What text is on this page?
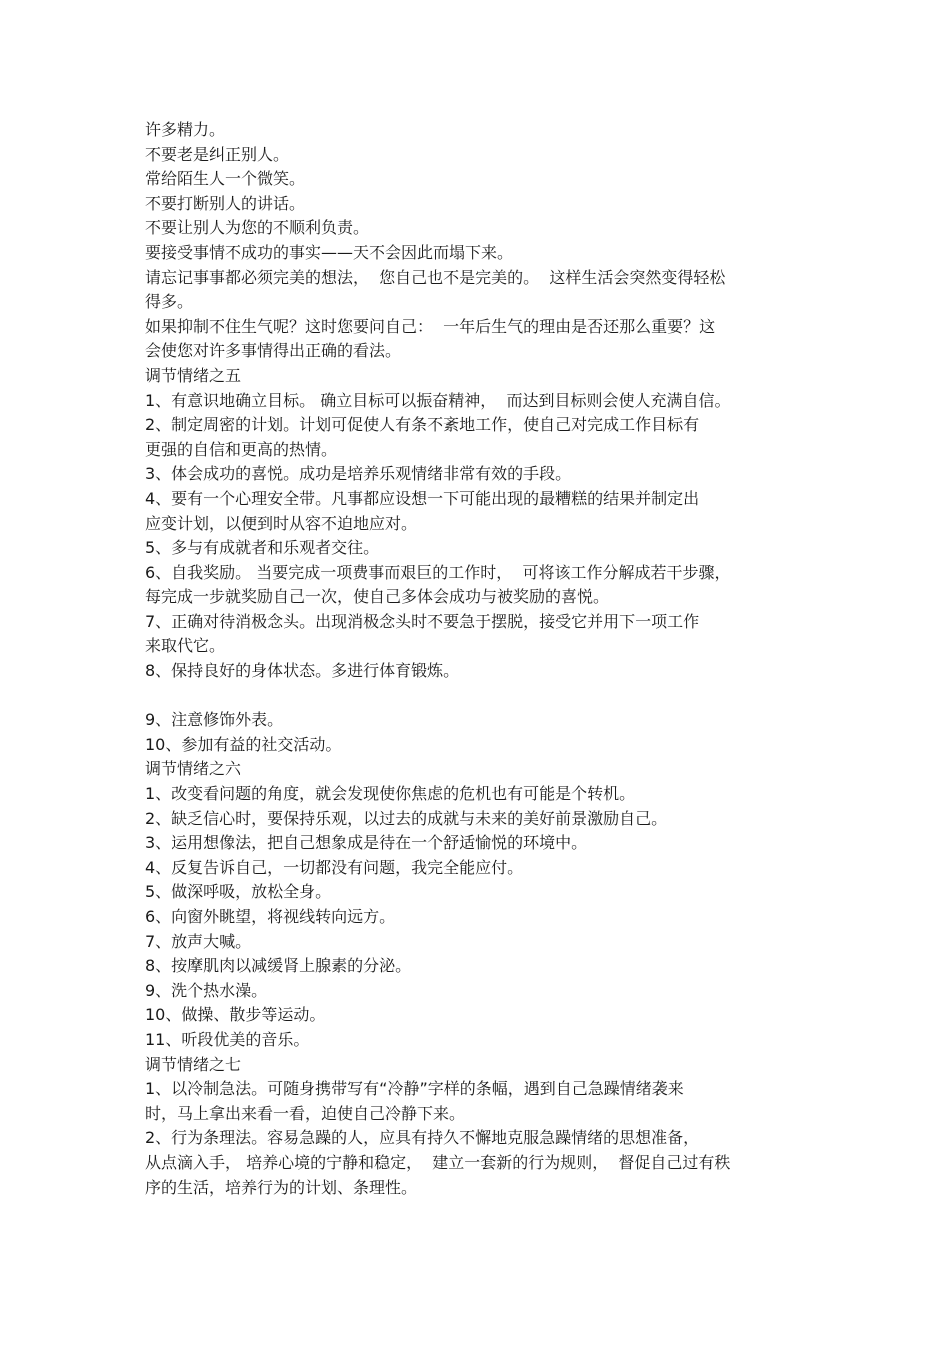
许多精力。
不要老是纠正别人。
常给陌生人一个微笑。
不要打断别人的讲话。
不要让别人为您的不顺利负责。
要接受事情不成功的事实——天不会因此而塌下来。
请忘记事事都必须完美的想法，  您自己也不是完美的。  这样生活会突然变得轻松
得多。
如果抑制不住生气呢？这时您要问自己：  一年后生气的理由是否还那么重要？这
会使您对许多事情得出正确的看法。
调节情绪之五
1、有意识地确立目标。 确立目标可以振奋精神，  而达到目标则会使人充满自信。
2、制定周密的计划。计划可促使人有条不紊地工作，使自己对完成工作目标有
更强的自信和更高的热情。
3、体会成功的喜悦。成功是培养乐观情绪非常有效的手段。
4、要有一个心理安全带。凡事都应设想一下可能出现的最糟糕的结果并制定出
应变计划，以便到时从容不迫地应对。
5、多与有成就者和乐观者交往。
6、自我奖励。 当要完成一项费事而艰巨的工作时，  可将该工作分解成若干步骤，
每完成一步就奖励自己一次，使自己多体会成功与被奖励的喜悦。
7、正确对待消极念头。出现消极念头时不要急于摆脱，接受它并用下一项工作
来取代它。
8、保持良好的身体状态。多进行体育锻炼。
9、注意修饰外表。
10、参加有益的社交活动。
调节情绪之六
1、改变看问题的角度，就会发现使你焦虑的危机也有可能是个转机。
2、缺乏信心时，要保持乐观，以过去的成就与未来的美好前景激励自己。
3、运用想像法，把自己想象成是待在一个舒适愉悦的环境中。
4、反复告诉自己，一切都没有问题，我完全能应付。
5、做深呼吸，放松全身。
6、向窗外眺望，将视线转向远方。
7、放声大喊。
8、按摩肌肉以减缓肾上腺素的分泌。
9、洗个热水澡。
10、做操、散步等运动。
11、听段优美的音乐。
调节情绪之七
1、以冷制急法。可随身携带写有“冷静”字样的条幅，遇到自己急躁情绪袭来
时，马上拿出来看一看，迫使自己冷静下来。
2、行为条理法。容易急躁的人，应具有持久不懈地克服急躁情绪的思想准备，
从点滴入手， 培养心境的宁静和稳定，  建立一套新的行为规则，  督促自己过有秩
序的生活，培养行为的计划、条理性。
